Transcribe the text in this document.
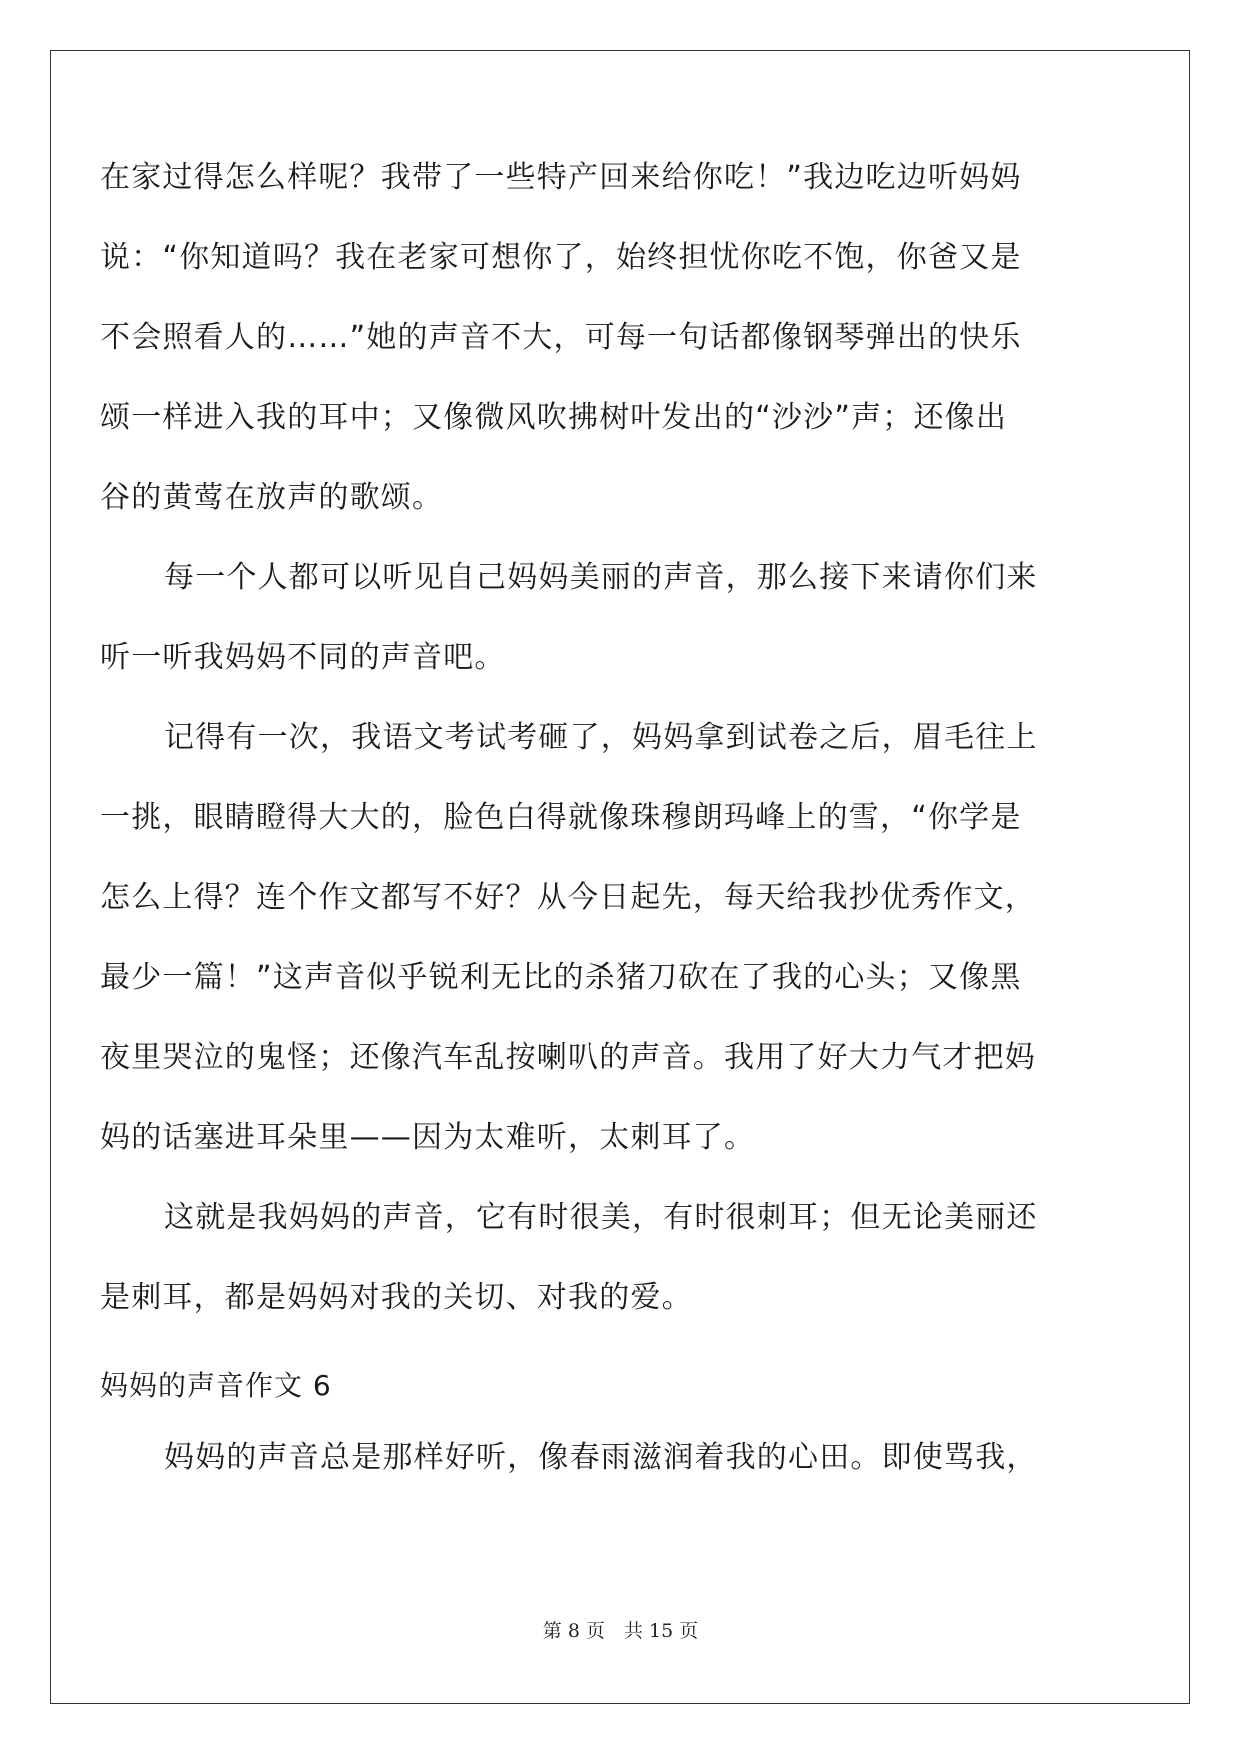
在家过得怎么样呢？我带了一些特产回来给你吃！”我边吃边听妈妈
说：“你知道吗？我在老家可想你了，始终担忧你吃不饱，你爸又是
不会照看人的……”她的声音不大，可每一句话都像钢琴弹出的快乐
颂一样进入我的耳中；又像微风吹拂树叶发出的“沙沙”声；还像出
谷的黄莺在放声的歌颂。
每一个人都可以听见自己妈妈美丽的声音，那么接下来请你们来
听一听我妈妈不同的声音吧。
记得有一次，我语文考试考砸了，妈妈拿到试卷之后，眉毛往上
一挑，眼睛瞪得大大的，脸色白得就像珠穆朗玛峰上的雪，“你学是
怎么上得？连个作文都写不好？从今日起先，每天给我抄优秀作文，
最少一篇！”这声音似乎锐利无比的杀猪刀砍在了我的心头；又像黑
夜里哭泣的鬼怪；还像汽车乱按喇叭的声音。我用了好大力气才把妈
妈的话塞进耳朵里——因为太难听，太刺耳了。
这就是我妈妈的声音，它有时很美，有时很刺耳；但无论美丽还
是刺耳，都是妈妈对我的关切、对我的爱。
妈妈的声音作文 6
妈妈的声音总是那样好听，像春雨滋润着我的心田。即使骂我，
第 8 页　共 15 页
